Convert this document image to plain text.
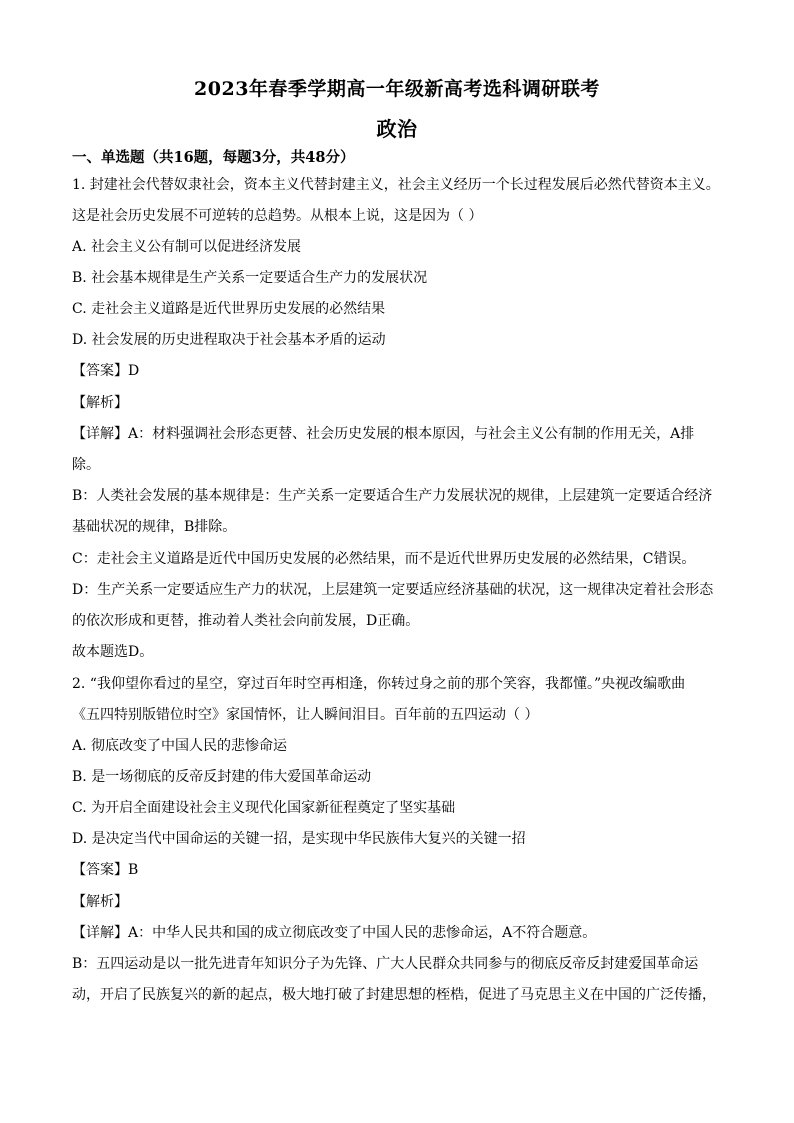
2023年春季学期高一年级新高考选科调研联考
政治
一、单选题（共16题，每题3分，共48分）
1. 封建社会代替奴隶社会，资本主义代替封建主义，社会主义经历一个长过程发展后必然代替资本主义。
这是社会历史发展不可逆转的总趋势。从根本上说，这是因为（ ）
A. 社会主义公有制可以促进经济发展
B. 社会基本规律是生产关系一定要适合生产力的发展状况
C. 走社会主义道路是近代世界历史发展的必然结果
D. 社会发展的历史进程取决于社会基本矛盾的运动
【答案】D
【解析】
【详解】A：材料强调社会形态更替、社会历史发展的根本原因，与社会主义公有制的作用无关，A排
除。
B：人类社会发展的基本规律是：生产关系一定要适合生产力发展状况的规律，上层建筑一定要适合经济
基础状况的规律，B排除。
C：走社会主义道路是近代中国历史发展的必然结果，而不是近代世界历史发展的必然结果，C错误。
D：生产关系一定要适应生产力的状况，上层建筑一定要适应经济基础的状况，这一规律决定着社会形态
的依次形成和更替，推动着人类社会向前发展，D正确。
故本题选D。
2. “我仰望你看过的星空，穿过百年时空再相逢，你转过身之前的那个笑容，我都懂。”央视改编歌曲
《五四特别版错位时空》家国情怀，让人瞬间泪目。百年前的五四运动（ ）
A. 彻底改变了中国人民的悲惨命运
B. 是一场彻底的反帝反封建的伟大爱国革命运动
C. 为开启全面建设社会主义现代化国家新征程奠定了坚实基础
D. 是决定当代中国命运的关键一招，是实现中华民族伟大复兴的关键一招
【答案】B
【解析】
【详解】A：中华人民共和国的成立彻底改变了中国人民的悲惨命运，A不符合题意。
B：五四运动是以一批先进青年知识分子为先锋、广大人民群众共同参与的彻底反帝反封建爱国革命运
动，开启了民族复兴的新的起点，极大地打破了封建思想的桎梏，促进了马克思主义在中国的广泛传播，
